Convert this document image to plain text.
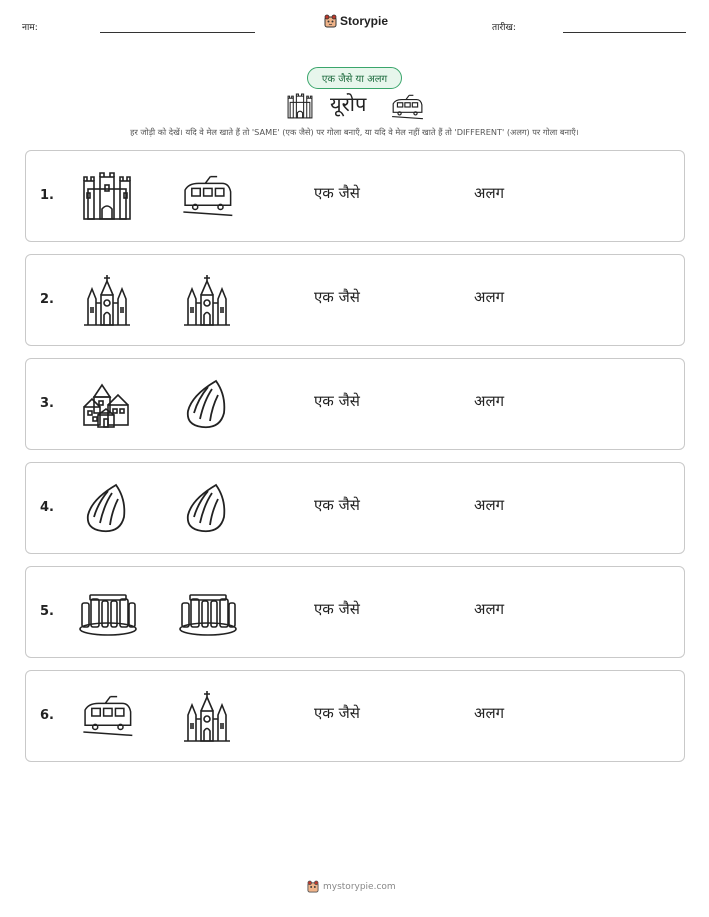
नाम:	Storypie	तारीख:
एक जैसे या अलग
यूरोप
हर जोड़ी को देखें। यदि वे मेल खाते हैं तो 'SAME' (एक जैसे) पर गोला बनाएँ, या यदि वे मेल नहीं खाते हैं तो 'DIFFERENT' (अलग) पर गोला बनाएँ।
1.	एक जैसे	अलग
2.	एक जैसे	अलग
3.	एक जैसे	अलग
4.	एक जैसे	अलग
5.	एक जैसे	अलग
6.	एक जैसे	अलग
mystorypie.com
